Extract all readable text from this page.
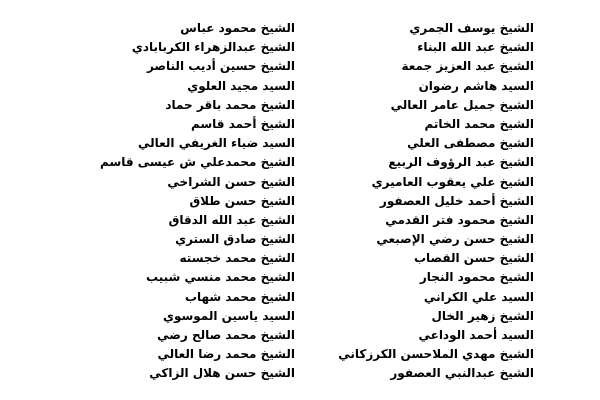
الشيخ يوسف الجمري
الشيخ عبد الله البناء
الشيخ عبد العزيز جمعة
السيد هاشم رضوان
الشيخ جميل عامر العالي
الشيخ محمد الخاتم
الشيخ مصطفى العلي
الشيخ عبد الرؤوف الربيع
الشيخ علي يعقوب العاميري
الشيخ أحمد خليل العصفور
الشيخ محمود فتر القدمي
الشيخ حسن رضي الإصبعي
الشيخ حسن القصاب
الشيخ محمود النجار
السيد علي الكراني
الشيخ زهير الخال
السيد أحمد الوداعي
الشيخ مهدي الملاحسن الكرزكاني
الشيخ عبدالنبي العصفور
الشيخ محمود عباس
الشيخ عبدالزهراء الكربابادي
الشيخ حسين أديب الناصر
السيد مجيد العلوي
الشيخ محمد باقر حماد
الشيخ أحمد قاسم
السيد ضياء الغريفي العالي
الشيخ محمدعلي ش عيسى قاسم
الشيخ حسن الشراخي
الشيخ حسن طلاق
الشيخ عبد الله الدقاق
الشيخ صادق الستري
الشيخ محمد خجسته
الشيخ محمد منسي شبيب
الشيخ محمد شهاب
السيد ياسين الموسوي
الشيخ محمد صالح رضي
الشيخ محمد رضا العالي
الشيخ حسن هلال الزاكي
